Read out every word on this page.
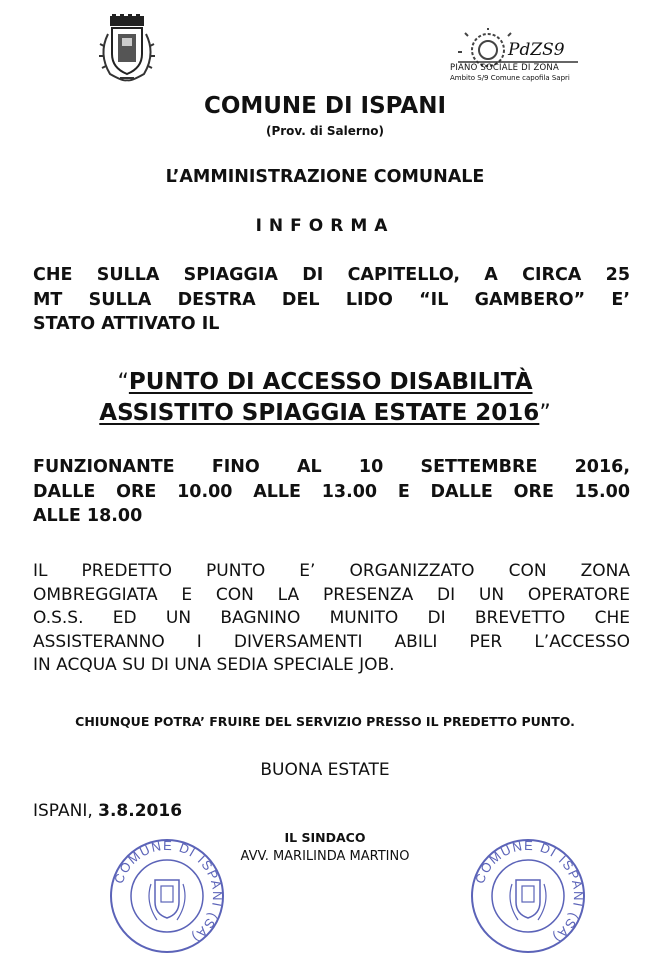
PdZS9
PIANO SOCIALE DI ZONA
Ambito S/9 Comune capofila Sapri
COMUNE DI ISPANI
(Prov. di Salerno)
L’AMMINISTRAZIONE COMUNALE
INFORMA
CHE SULLA SPIAGGIA DI CAPITELLO, A CIRCA 25
MT SULLA DESTRA DEL LIDO “IL GAMBERO” E’
STATO ATTIVATO IL
“PUNTO DI ACCESSO DISABILITÀ
ASSISTITO SPIAGGIA ESTATE 2016”
FUNZIONANTE FINO AL 10 SETTEMBRE 2016,
DALLE ORE 10.00 ALLE 13.00 E DALLE ORE 15.00
ALLE 18.00
IL PREDETTO PUNTO E’ ORGANIZZATO CON ZONA
OMBREGGIATA E CON LA PRESENZA DI UN OPERATORE
O.S.S. ED UN BAGNINO MUNITO DI BREVETTO CHE
ASSISTERANNO I DIVERSAMENTI ABILI PER L’ACCESSO
IN ACQUA SU DI UNA SEDIA SPECIALE JOB.
CHIUNQUE POTRA’ FRUIRE DEL SERVIZIO PRESSO IL PREDETTO PUNTO.
BUONA ESTATE
ISPANI, 3.8.2016
IL SINDACO
AVV. MARILINDA MARTINO
COMUNE DI ISPANI (SA)
COMUNE DI ISPANI (SA)
